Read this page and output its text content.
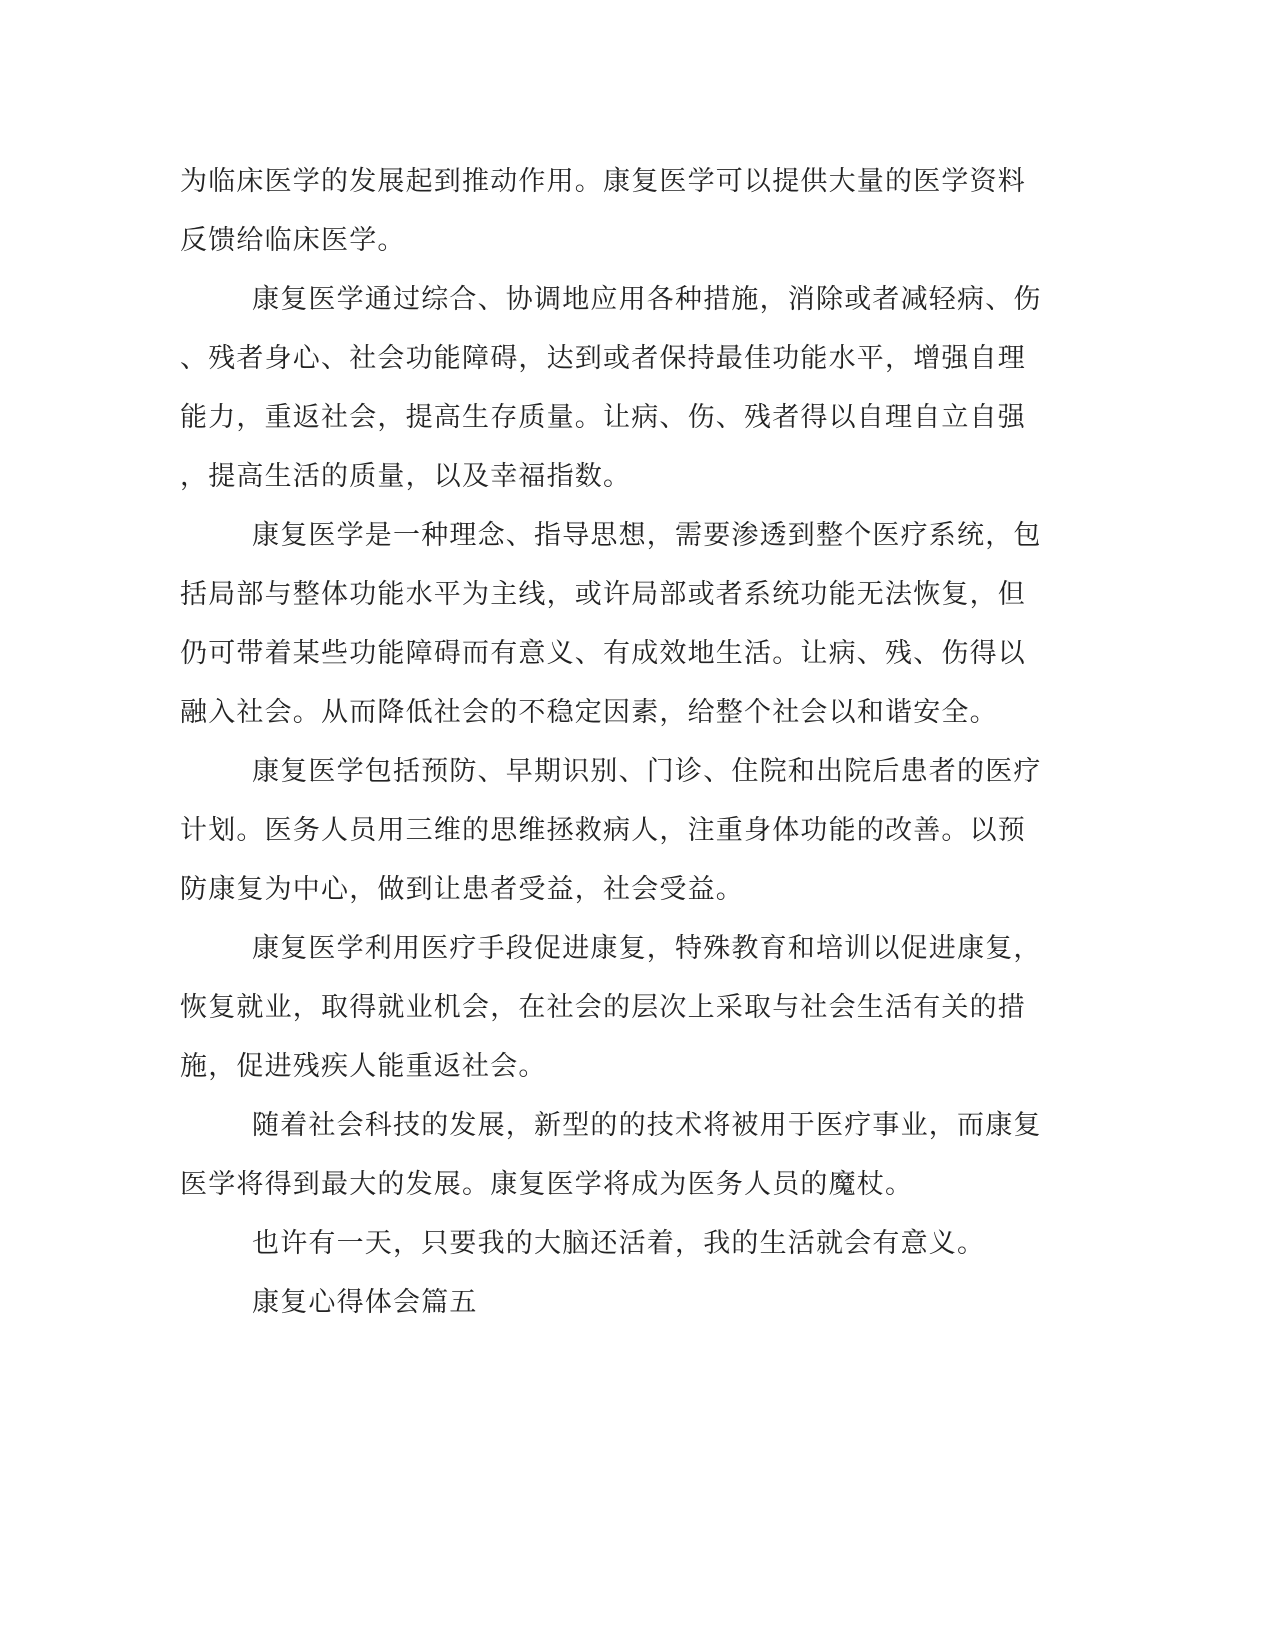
为临床医学的发展起到推动作用。康复医学可以提供大量的医学资料
反馈给临床医学。
康复医学通过综合、协调地应用各种措施，消除或者减轻病、伤
、残者身心、社会功能障碍，达到或者保持最佳功能水平，增强自理
能力，重返社会，提高生存质量。让病、伤、残者得以自理自立自强
，提高生活的质量，以及幸福指数。
康复医学是一种理念、指导思想，需要渗透到整个医疗系统，包
括局部与整体功能水平为主线，或许局部或者系统功能无法恢复，但
仍可带着某些功能障碍而有意义、有成效地生活。让病、残、伤得以
融入社会。从而降低社会的不稳定因素，给整个社会以和谐安全。
康复医学包括预防、早期识别、门诊、住院和出院后患者的医疗
计划。医务人员用三维的思维拯救病人，注重身体功能的改善。以预
防康复为中心，做到让患者受益，社会受益。
康复医学利用医疗手段促进康复，特殊教育和培训以促进康复，
恢复就业，取得就业机会，在社会的层次上采取与社会生活有关的措
施，促进残疾人能重返社会。
随着社会科技的发展，新型的的技术将被用于医疗事业，而康复
医学将得到最大的发展。康复医学将成为医务人员的魔杖。
也许有一天，只要我的大脑还活着，我的生活就会有意义。
康复心得体会篇五
